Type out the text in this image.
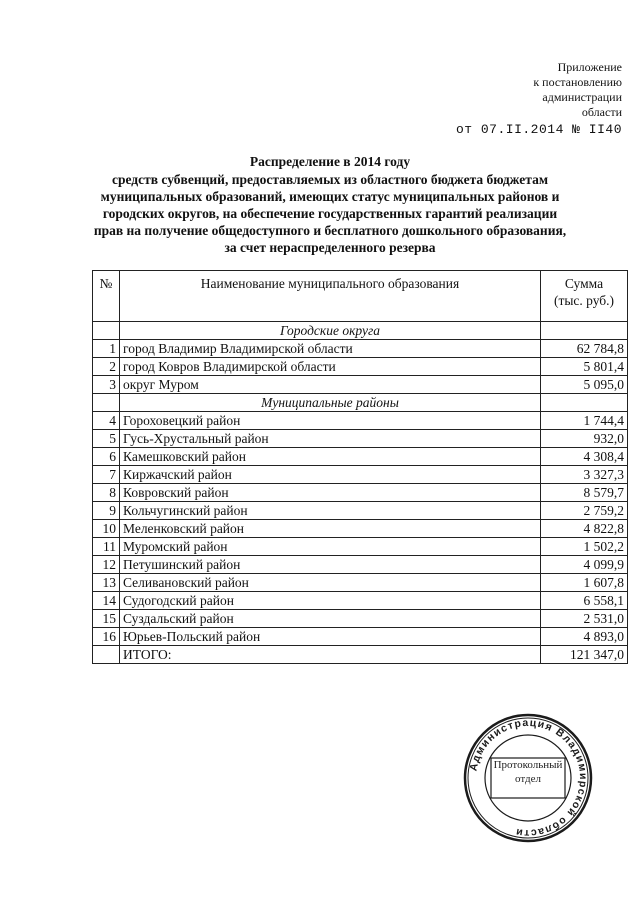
Приложение
к постановлению
администрации
области
от 07.II.2014 № II40
Распределение в 2014 году
средств субвенций, предоставляемых из областного бюджета бюджетам
муниципальных образований, имеющих статус муниципальных районов и
городских округов, на обеспечение государственных гарантий реализации
прав на получение общедоступного и бесплатного дошкольного образования,
за счет нераспределенного резерва
№	Наименование муниципального образования	Сумма
(тыс. руб.)

	Городские округа	
1	город Владимир Владимирской области	62 784,8
2	город Ковров Владимирской области	5 801,4
3	округ Муром	5 095,0
	Муниципальные районы	
4	Гороховецкий район	1 744,4
5	Гусь-Хрустальный район	932,0
6	Камешковский район	4 308,4
7	Киржачский район	3 327,3
8	Ковровский район	8 579,7
9	Кольчугинский район	2 759,2
10	Меленковский район	4 822,8
11	Муромский район	1 502,2
12	Петушинский район	4 099,9
13	Селивановский район	1 607,8
14	Судогодский район	6 558,1
15	Суздальский район	2 531,0
16	Юрьев-Польский район	4 893,0
	ИТОГО:	121 347,0
Администрация Владимирской области
Протокольный
отдел
